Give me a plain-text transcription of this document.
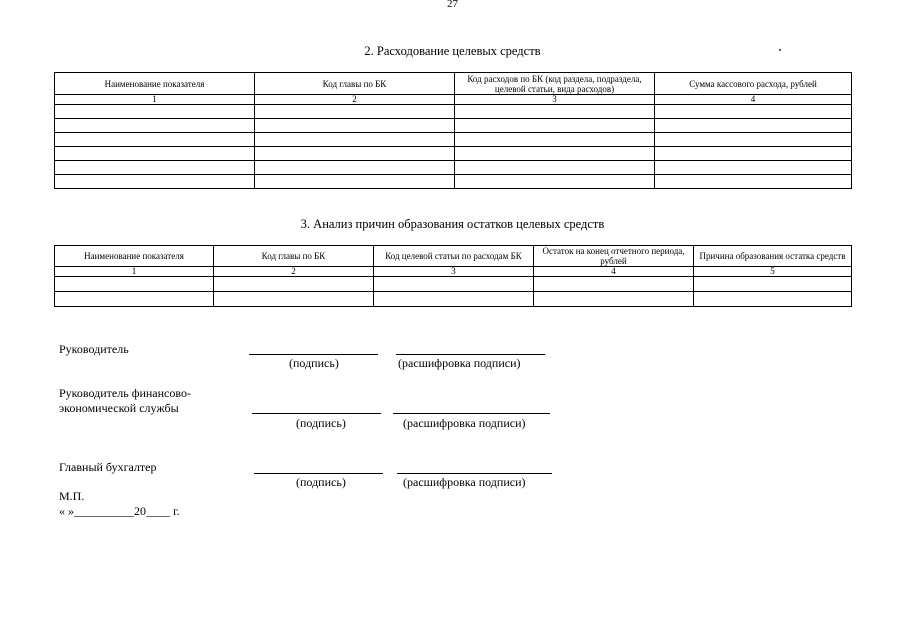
27
2. Расходование целевых средств
Наименование показателя	Код главы по БК	Код расходов по БК (код раздела, подраздела, целевой статьи, вида расходов)	Сумма кассового расхода, рублей
1	2	3	4

3. Анализ причин образования остатков целевых средств
Наименование показателя	Код главы по БК	Код целевой статьи по расходам БК	Остаток на конец отчетного периода, рублей	Причина образования остатка средств
1	2	3	4	5

Руководитель
(подпись)	(расшифровка подписи)
Руководитель финансово-
экономической службы
(подпись)	(расшифровка подписи)
Главный бухгалтер
(подпись)	(расшифровка подписи)
М.П.
« »__________20____ г.
